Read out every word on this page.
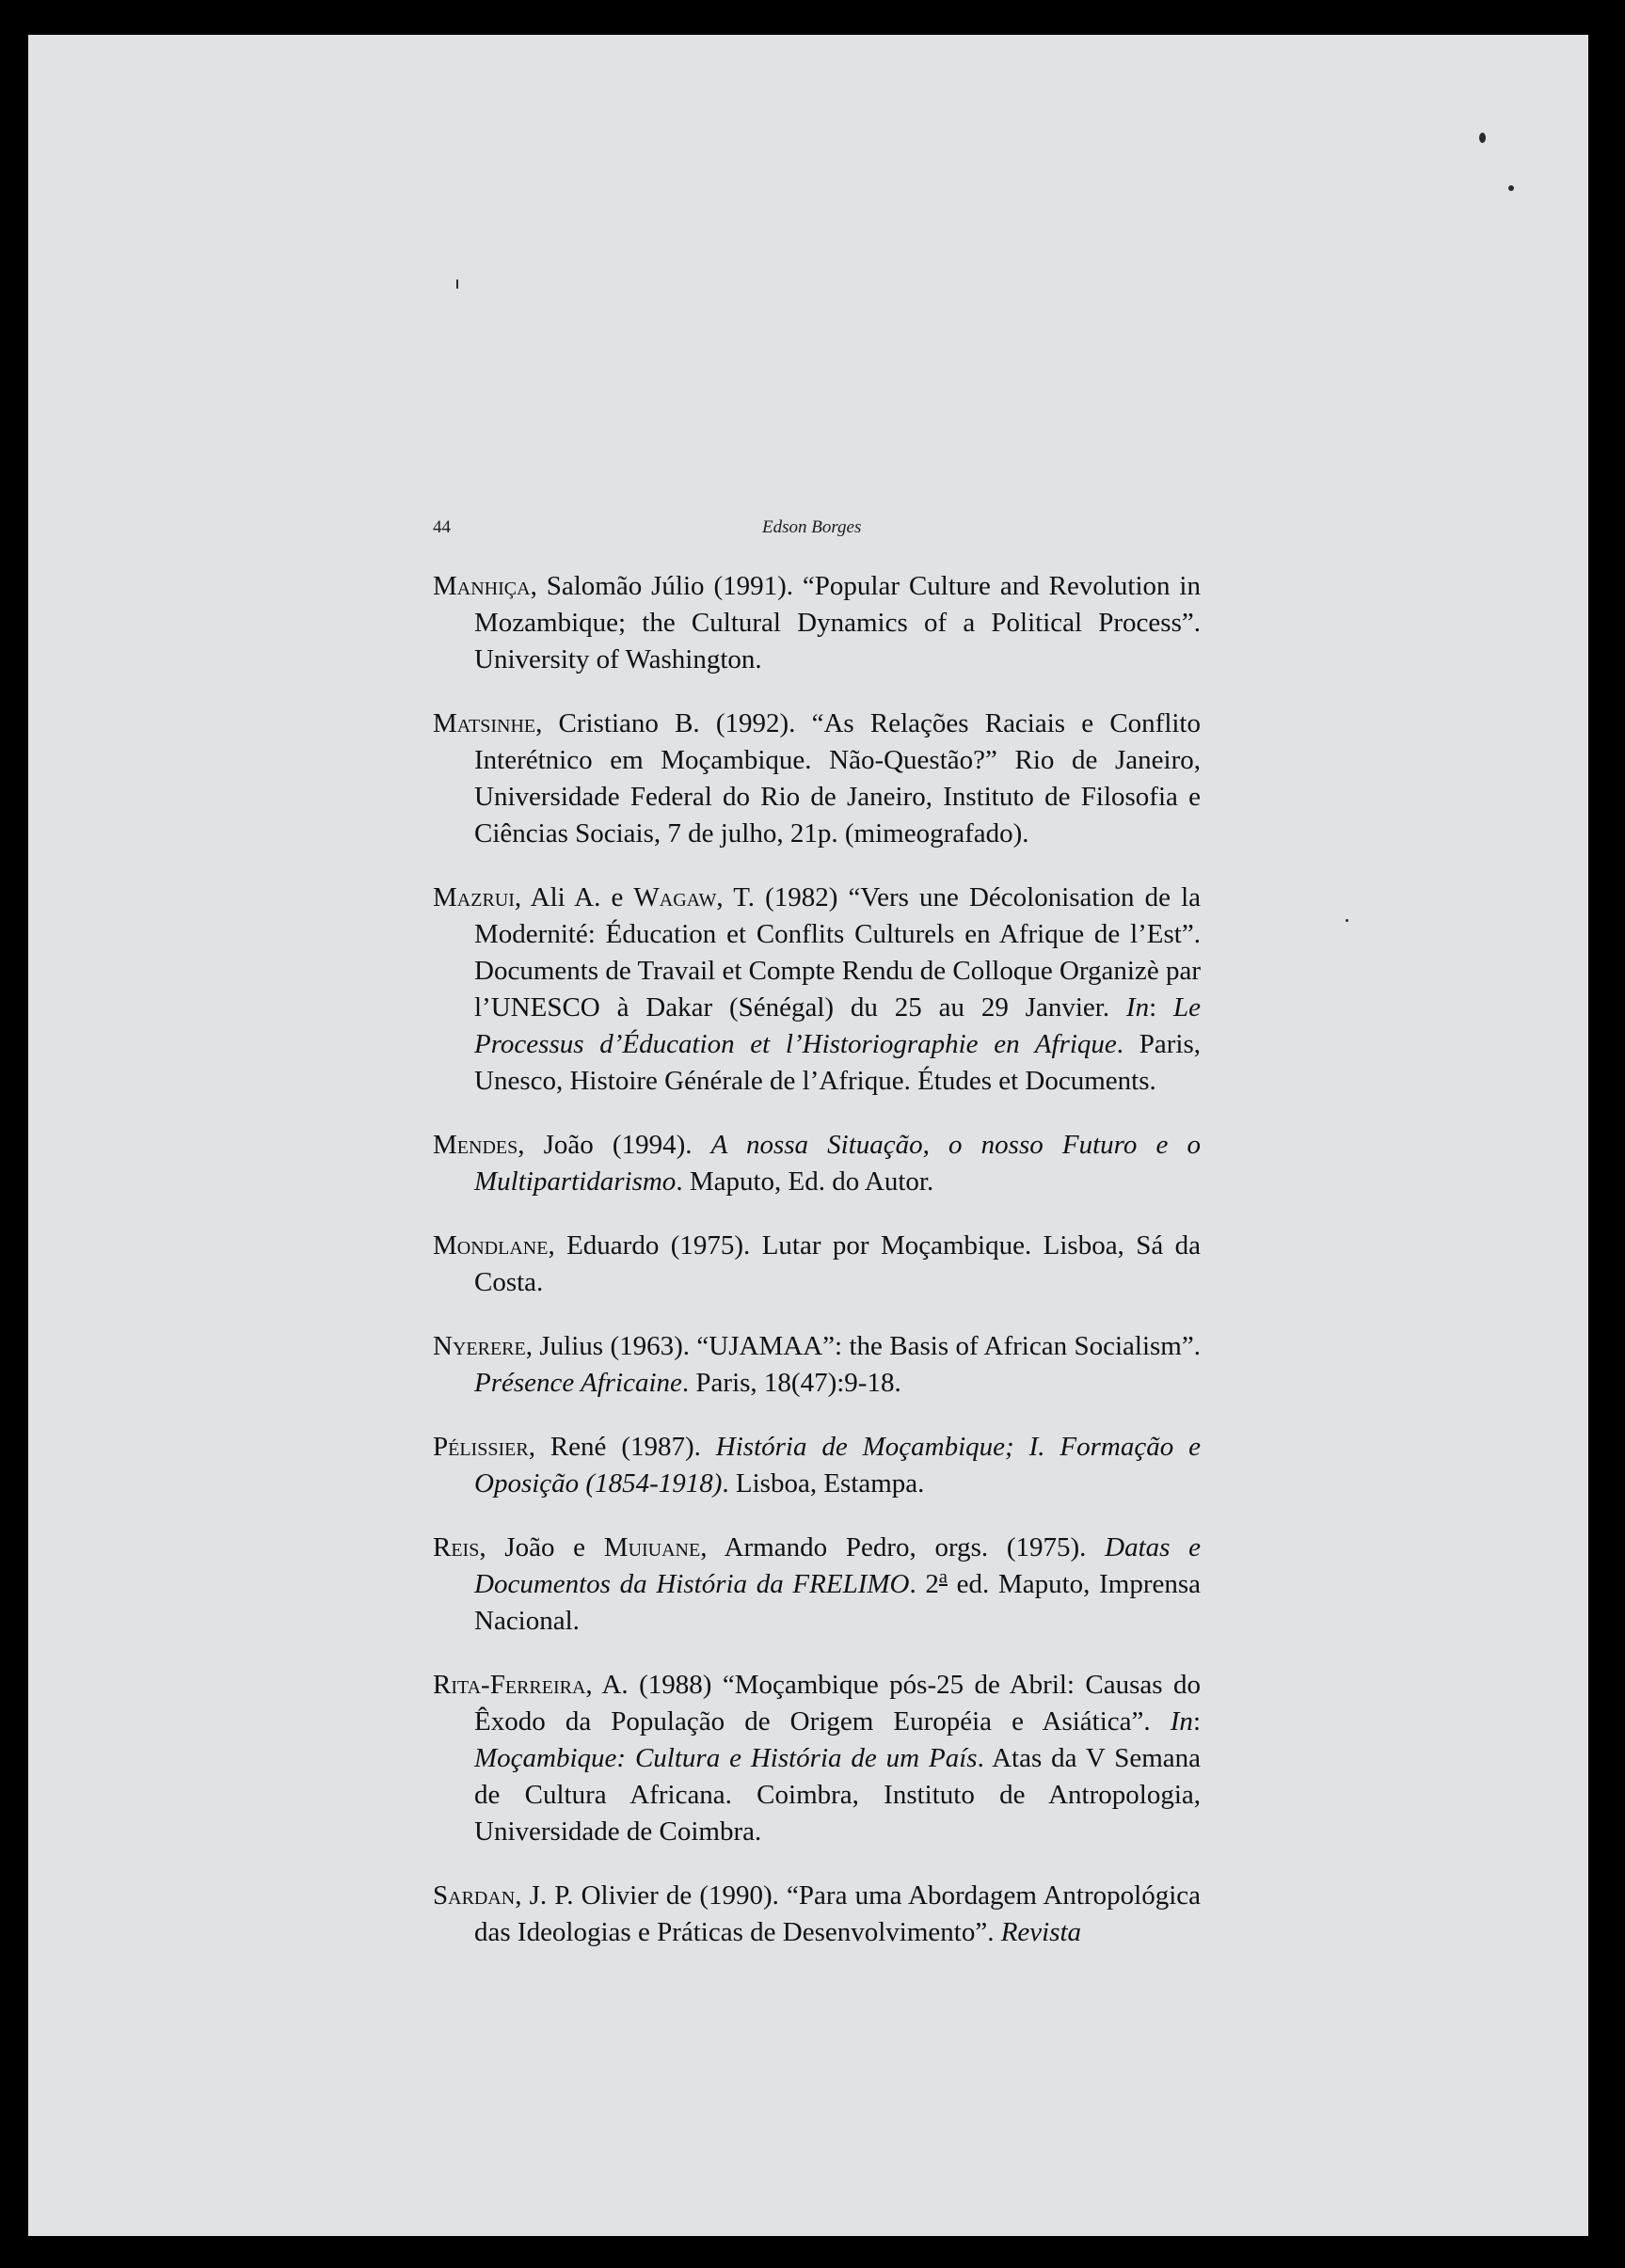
44	Edson Borges

Manhiça, Salomão Júlio (1991). “Popular Culture and Revolution in Mozambique; the Cultural Dynamics of a Political Process”. University of Washington.

Matsinhe, Cristiano B. (1992). “As Relações Raciais e Conflito Interétnico em Moçambique. Não-Questão?” Rio de Janeiro, Universidade Federal do Rio de Janeiro, Instituto de Filosofia e Ciências Sociais, 7 de julho, 21p. (mimeografado).

Mazrui, Ali A. e Wagaw, T. (1982) “Vers une Décolonisation de la Modernité: Éducation et Conflits Culturels en Afrique de l’Est”. Documents de Travail et Compte Rendu de Colloque Organizè par l’UNESCO à Dakar (Sénégal) du 25 au 29 Janvier. In: Le Processus d’Éducation et l’Historiographie en Afrique. Paris, Unesco, Histoire Générale de l’Afrique. Études et Documents.

Mendes, João (1994). A nossa Situação, o nosso Futuro e o Multipartidarismo. Maputo, Ed. do Autor.

Mondlane, Eduardo (1975). Lutar por Moçambique. Lisboa, Sá da Costa.

Nyerere, Julius (1963). “UJAMAA”: the Basis of African Socialism”. Présence Africaine. Paris, 18(47):9-18.

Pélissier, René (1987). História de Moçambique; I. Formação e Oposição (1854-1918). Lisboa, Estampa.

Reis, João e Muiuane, Armando Pedro, orgs. (1975). Datas e Documentos da História da FRELIMO. 2$^a$ ed. Maputo, Imprensa Nacional.

Rita-Ferreira, A. (1988) “Moçambique pós-25 de Abril: Causas do Êxodo da População de Origem Européia e Asiática”. In: Moçambique: Cultura e História de um País. Atas da V Semana de Cultura Africana. Coimbra, Instituto de Antropologia, Universidade de Coimbra.

Sardan, J. P. Olivier de (1990). “Para uma Abordagem Antropológica das Ideologias e Práticas de Desenvolvimento”. Revista
